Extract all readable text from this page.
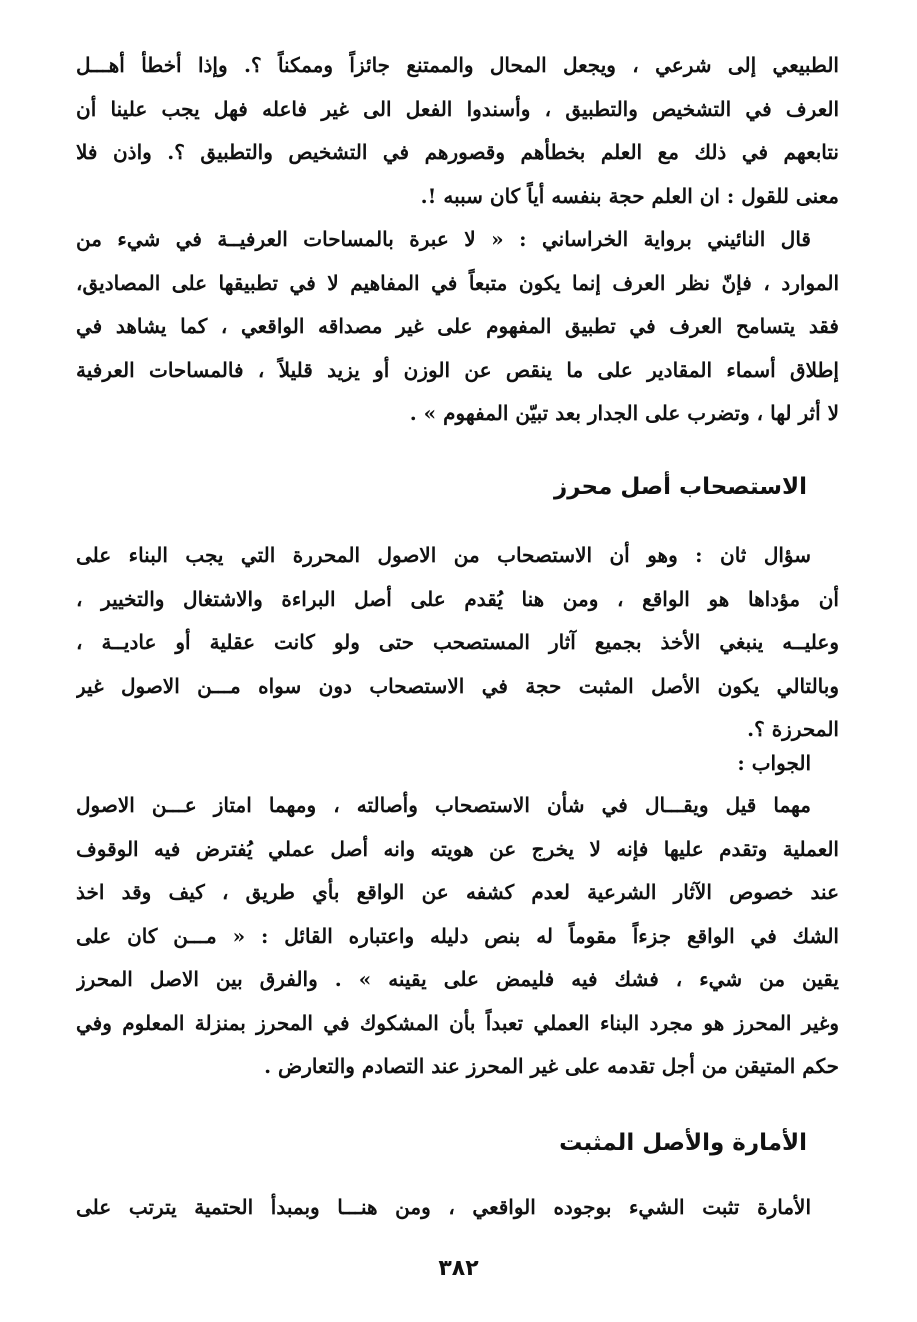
الطبيعي إلى شرعي ، ويجعل المحال والممتنع جائزاً وممكناً ؟. وإذا أخطأ أهـــل
العرف في التشخيص والتطبيق ، وأسندوا الفعل الى غير فاعله فهل يجب علينا أن
نتابعهم في ذلك مع العلم بخطأهم وقصورهم في التشخيص والتطبيق ؟. واذن فلا
معنى للقول : ان العلم حجة بنفسه أياً كان سببه !.
قال النائيني برواية الخراساني : « لا عبرة بالمساحات العرفيــة في شيء من
الموارد ، فإنّ نظر العرف إنما يكون متبعاً في المفاهيم لا في تطبيقها على المصاديق،
فقد يتسامح العرف في تطبيق المفهوم على غير مصداقه الواقعي ، كما يشاهد في
إطلاق أسماء المقادير على ما ينقص عن الوزن أو يزيد قليلاً ، فالمساحات العرفية
لا أثر لها ، وتضرب على الجدار بعد تبيّن المفهوم » .
الاستصحاب أصل محرز
سؤال ثان : وهو أن الاستصحاب من الاصول المحررة التي يجب البناء على
أن مؤداها هو الواقع ، ومن هنا يُقدم على أصل البراءة والاشتغال والتخيير ،
وعليــه ينبغي الأخذ بجميع آثار المستصحب حتى ولو كانت عقلية أو عاديــة ،
وبالتالي يكون الأصل المثبت حجة في الاستصحاب دون سواه مـــن الاصول غير
المحرزة ؟.
الجواب :
مهما قيل ويقـــال في شأن الاستصحاب وأصالته ، ومهما امتاز عـــن الاصول
العملية وتقدم عليها فإنه لا يخرج عن هويته وانه أصل عملي يُفترض فيه الوقوف
عند خصوص الآثار الشرعية لعدم كشفه عن الواقع بأي طريق ، كيف وقد اخذ
الشك في الواقع جزءاً مقوماً له بنص دليله واعتباره القائل : « مـــن كان على
يقين من شيء ، فشك فيه فليمض على يقينه » . والفرق بين الاصل المحرز
وغير المحرز هو مجرد البناء العملي تعبداً بأن المشكوك في المحرز بمنزلة المعلوم وفي
حكم المتيقن من أجل تقدمه على غير المحرز عند التصادم والتعارض .
الأمارة والأصل المثبت
الأمارة تثبت الشيء بوجوده الواقعي ، ومن هنـــا وبمبدأ الحتمية يترتب على
٣٨٢
